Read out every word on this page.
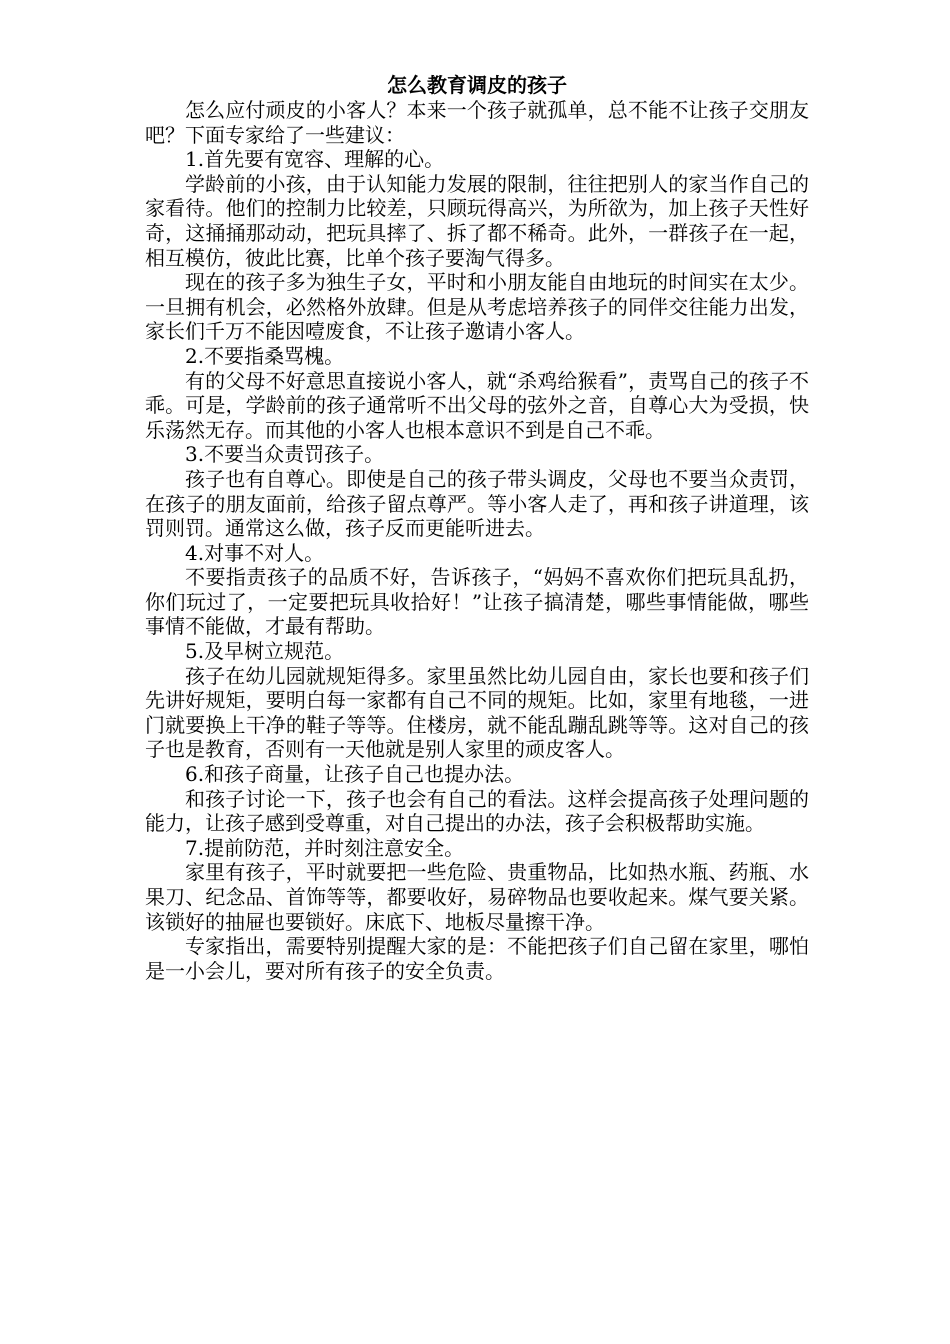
怎么教育调皮的孩子

怎么应付顽皮的小客人？本来一个孩子就孤单，总不能不让孩子交朋友吧？下面专家给了一些建议：

1.首先要有宽容、理解的心。

学龄前的小孩，由于认知能力发展的限制，往往把别人的家当作自己的家看待。他们的控制力比较差，只顾玩得高兴，为所欲为，加上孩子天性好奇，这捅捅那动动，把玩具摔了、拆了都不稀奇。此外，一群孩子在一起，相互模仿，彼此比赛，比单个孩子要淘气得多。

现在的孩子多为独生子女，平时和小朋友能自由地玩的时间实在太少。一旦拥有机会，必然格外放肆。但是从考虑培养孩子的同伴交往能力出发，家长们千万不能因噎废食，不让孩子邀请小客人。

2.不要指桑骂槐。

有的父母不好意思直接说小客人，就“杀鸡给猴看”，责骂自己的孩子不乖。可是，学龄前的孩子通常听不出父母的弦外之音，自尊心大为受损，快乐荡然无存。而其他的小客人也根本意识不到是自己不乖。

3.不要当众责罚孩子。

孩子也有自尊心。即使是自己的孩子带头调皮，父母也不要当众责罚，在孩子的朋友面前，给孩子留点尊严。等小客人走了，再和孩子讲道理，该罚则罚。通常这么做，孩子反而更能听进去。

4.对事不对人。

不要指责孩子的品质不好，告诉孩子，“妈妈不喜欢你们把玩具乱扔，你们玩过了，一定要把玩具收拾好！”让孩子搞清楚，哪些事情能做，哪些事情不能做，才最有帮助。

5.及早树立规范。

孩子在幼儿园就规矩得多。家里虽然比幼儿园自由，家长也要和孩子们先讲好规矩，要明白每一家都有自己不同的规矩。比如，家里有地毯，一进门就要换上干净的鞋子等等。住楼房，就不能乱蹦乱跳等等。这对自己的孩子也是教育，否则有一天他就是别人家里的顽皮客人。

6.和孩子商量，让孩子自己也提办法。

和孩子讨论一下，孩子也会有自己的看法。这样会提高孩子处理问题的能力，让孩子感到受尊重，对自己提出的办法，孩子会积极帮助实施。

7.提前防范，并时刻注意安全。

家里有孩子，平时就要把一些危险、贵重物品，比如热水瓶、药瓶、水果刀、纪念品、首饰等等，都要收好，易碎物品也要收起来。煤气要关紧。该锁好的抽屉也要锁好。床底下、地板尽量擦干净。

专家指出，需要特别提醒大家的是：不能把孩子们自己留在家里，哪怕是一小会儿，要对所有孩子的安全负责。
